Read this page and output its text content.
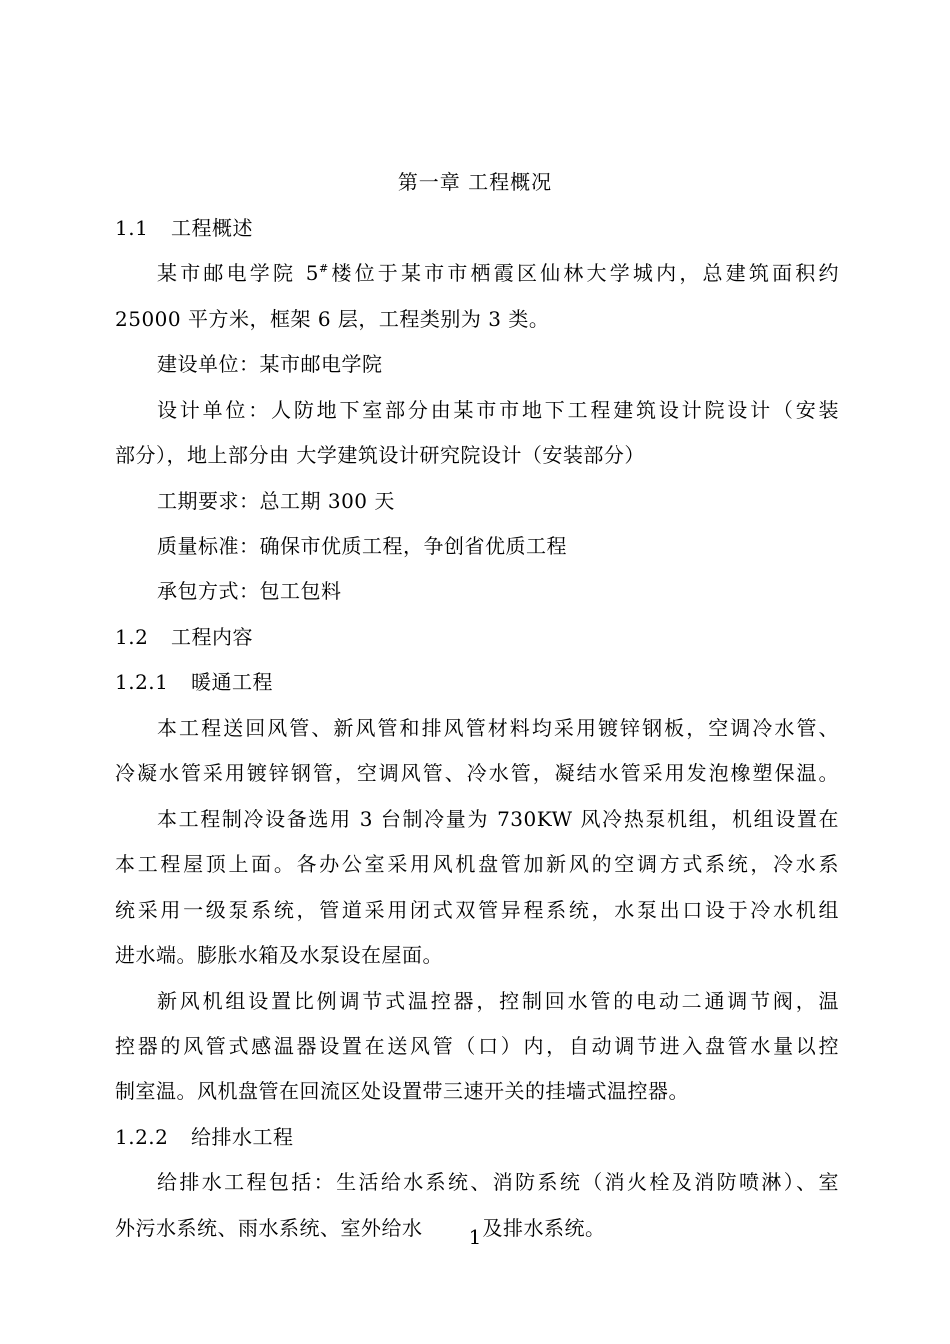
第一章 工程概况
1.1 工程概述
某市邮电学院 5#楼位于某市市栖霞区仙林大学城内，总建筑面积约
25000 平方米，框架 6 层，工程类别为 3 类。
建设单位：某市邮电学院
设计单位：人防地下室部分由某市市地下工程建筑设计院设计（安装
部分），地上部分由 大学建筑设计研究院设计（安装部分）
工期要求：总工期 300 天
质量标准：确保市优质工程，争创省优质工程
承包方式：包工包料
1.2 工程内容
1.2.1 暖通工程
本工程送回风管、新风管和排风管材料均采用镀锌钢板，空调冷水管、
冷凝水管采用镀锌钢管，空调风管、冷水管，凝结水管采用发泡橡塑保温。
本工程制冷设备选用 3 台制冷量为 730KW 风冷热泵机组，机组设置在
本工程屋顶上面。各办公室采用风机盘管加新风的空调方式系统，冷水系
统采用一级泵系统，管道采用闭式双管异程系统，水泵出口设于冷水机组
进水端。膨胀水箱及水泵设在屋面。
新风机组设置比例调节式温控器，控制回水管的电动二通调节阀，温
控器的风管式感温器设置在送风管（口）内，自动调节进入盘管水量以控
制室温。风机盘管在回流区处设置带三速开关的挂墙式温控器。
1.2.2 给排水工程
给排水工程包括：生活给水系统、消防系统（消火栓及消防喷淋）、室
外污水系统、雨水系统、室外给水	及排水系统。
1
